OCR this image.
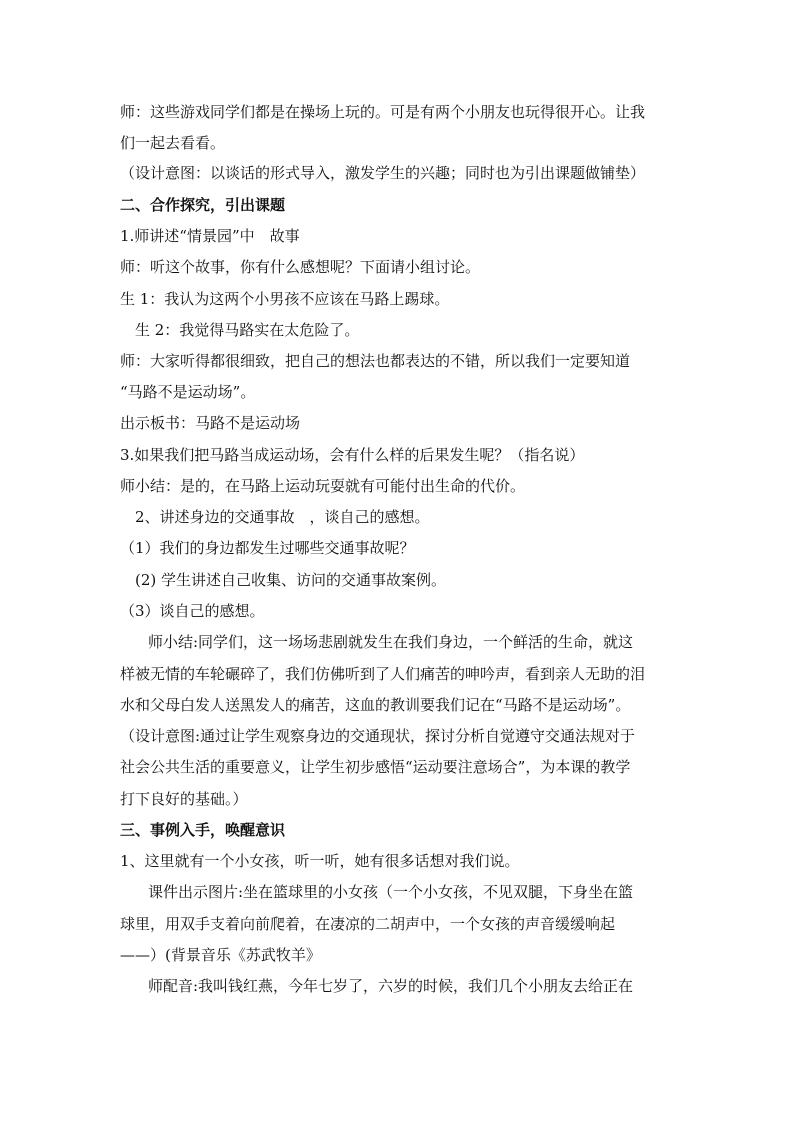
师：这些游戏同学们都是在操场上玩的。可是有两个小朋友也玩得很开心。让我
们一起去看看。
（设计意图：以谈话的形式导入，激发学生的兴趣；同时也为引出课题做铺垫）
二、合作探究，引出课题
1.师讲述“情景园”中　故事
师：听这个故事，你有什么感想呢？下面请小组讨论。
生 1：我认为这两个小男孩不应该在马路上踢球。
生 2：我觉得马路实在太危险了。
师：大家听得都很细致，把自己的想法也都表达的不错，所以我们一定要知道
“马路不是运动场”。
出示板书：马路不是运动场
3.如果我们把马路当成运动场，会有什么样的后果发生呢？（指名说）
师小结：是的，在马路上运动玩耍就有可能付出生命的代价。
2、讲述身边的交通事故　，谈自己的感想。
（1）我们的身边都发生过哪些交通事故呢？
(2) 学生讲述自己收集、访问的交通事故案例。
（3）谈自己的感想。
师小结:同学们，这一场场悲剧就发生在我们身边，一个鲜活的生命，就这
样被无情的车轮碾碎了，我们仿佛听到了人们痛苦的呻吟声，看到亲人无助的泪
水和父母白发人送黑发人的痛苦，这血的教训要我们记在“马路不是运动场”。
（设计意图:通过让学生观察身边的交通现状，探讨分析自觉遵守交通法规对于
社会公共生活的重要意义，让学生初步感悟“运动要注意场合”，为本课的教学
打下良好的基础。）
三、事例入手，唤醒意识
1、这里就有一个小女孩，听一听，她有很多话想对我们说。
课件出示图片:坐在篮球里的小女孩（一个小女孩，不见双腿，下身坐在篮
球里，用双手支着向前爬着，在凄凉的二胡声中，一个女孩的声音缓缓响起
——）(背景音乐《苏武牧羊》
师配音:我叫钱红燕，今年七岁了，六岁的时候，我们几个小朋友去给正在
